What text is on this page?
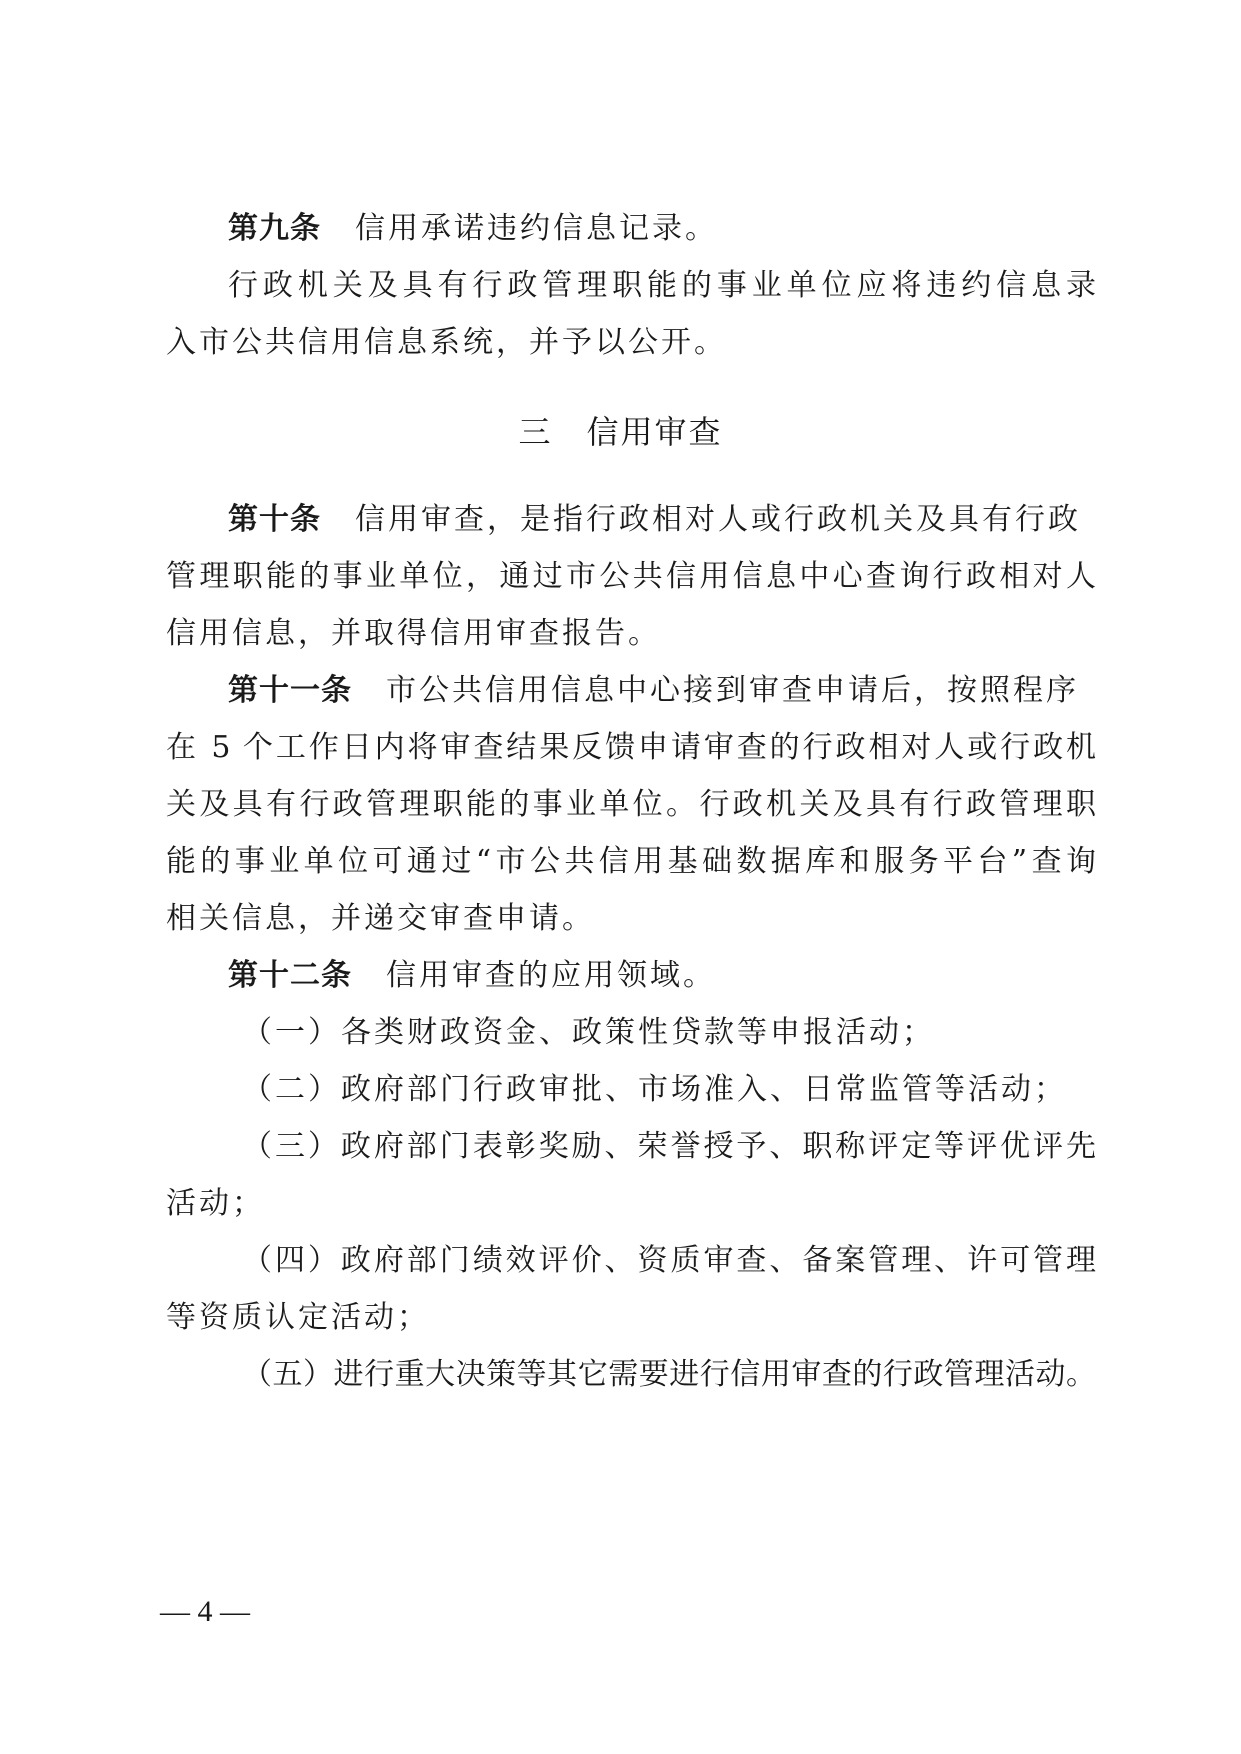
第九条 信用承诺违约信息记录。
行政机关及具有行政管理职能的事业单位应将违约信息录
入市公共信用信息系统，并予以公开。
三 信用审查
第十条 信用审查，是指行政相对人或行政机关及具有行政
管理职能的事业单位，通过市公共信用信息中心查询行政相对人
信用信息，并取得信用审查报告。
第十一条 市公共信用信息中心接到审查申请后，按照程序
在 5 个工作日内将审查结果反馈申请审查的行政相对人或行政机
关及具有行政管理职能的事业单位。行政机关及具有行政管理职
能的事业单位可通过“市公共信用基础数据库和服务平台”查询
相关信息，并递交审查申请。
第十二条 信用审查的应用领域。
（一）各类财政资金、政策性贷款等申报活动；
（二）政府部门行政审批、市场准入、日常监管等活动；
（三）政府部门表彰奖励、荣誉授予、职称评定等评优评先
活动；
（四）政府部门绩效评价、资质审查、备案管理、许可管理
等资质认定活动；
（五）进行重大决策等其它需要进行信用审查的行政管理活动。
— 4 —
